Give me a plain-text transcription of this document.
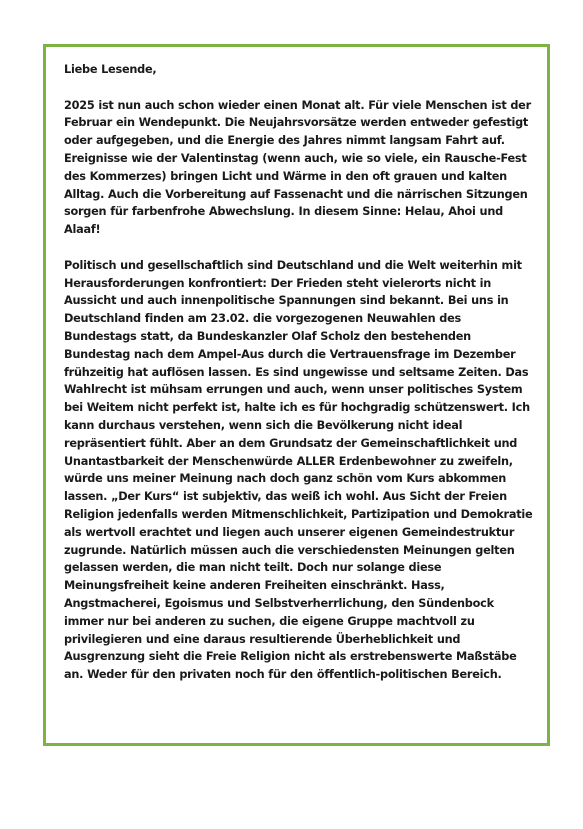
Liebe Lesende,

2025 ist nun auch schon wieder einen Monat alt. Für viele Menschen ist der Februar ein Wendepunkt. Die Neujahrsvorsätze werden entweder gefestigt oder aufgegeben, und die Energie des Jahres nimmt langsam Fahrt auf. Ereignisse wie der Valentinstag (wenn auch, wie so viele, ein Rausche-Fest des Kommerzes) bringen Licht und Wärme in den oft grauen und kalten Alltag. Auch die Vorbereitung auf Fassenacht und die närrischen Sitzungen sorgen für farbenfrohe Abwechslung. In diesem Sinne: Helau, Ahoi und Alaaf!

Politisch und gesellschaftlich sind Deutschland und die Welt weiterhin mit Herausforderungen konfrontiert: Der Frieden steht vielerorts nicht in Aussicht und auch innenpolitische Spannungen sind bekannt. Bei uns in Deutschland finden am 23.02. die vorgezogenen Neuwahlen des Bundestags statt, da Bundeskanzler Olaf Scholz den bestehenden Bundestag nach dem Ampel-Aus durch die Vertrauensfrage im Dezember frühzeitig hat auflösen lassen. Es sind ungewisse und seltsame Zeiten. Das Wahlrecht ist mühsam errungen und auch, wenn unser politisches System bei Weitem nicht perfekt ist, halte ich es für hochgradig schützenswert. Ich kann durchaus verstehen, wenn sich die Bevölkerung nicht ideal repräsentiert fühlt. Aber an dem Grundsatz der Gemeinschaftlichkeit und Unantastbarkeit der Menschenwürde ALLER Erdenbewohner zu zweifeln, würde uns meiner Meinung nach doch ganz schön vom Kurs abkommen lassen. „Der Kurs“ ist subjektiv, das weiß ich wohl. Aus Sicht der Freien Religion jedenfalls werden Mitmenschlichkeit, Partizipation und Demokratie als wertvoll erachtet und liegen auch unserer eigenen Gemeindestruktur zugrunde. Natürlich müssen auch die verschiedensten Meinungen gelten gelassen werden, die man nicht teilt. Doch nur solange diese Meinungsfreiheit keine anderen Freiheiten einschränkt. Hass, Angstmacherei, Egoismus und Selbstverherrlichung, den Sündenbock immer nur bei anderen zu suchen, die eigene Gruppe machtvoll zu privilegieren und eine daraus resultierende Überheblichkeit und Ausgrenzung sieht die Freie Religion nicht als erstrebenswerte Maßstäbe an. Weder für den privaten noch für den öffentlich-politischen Bereich.
